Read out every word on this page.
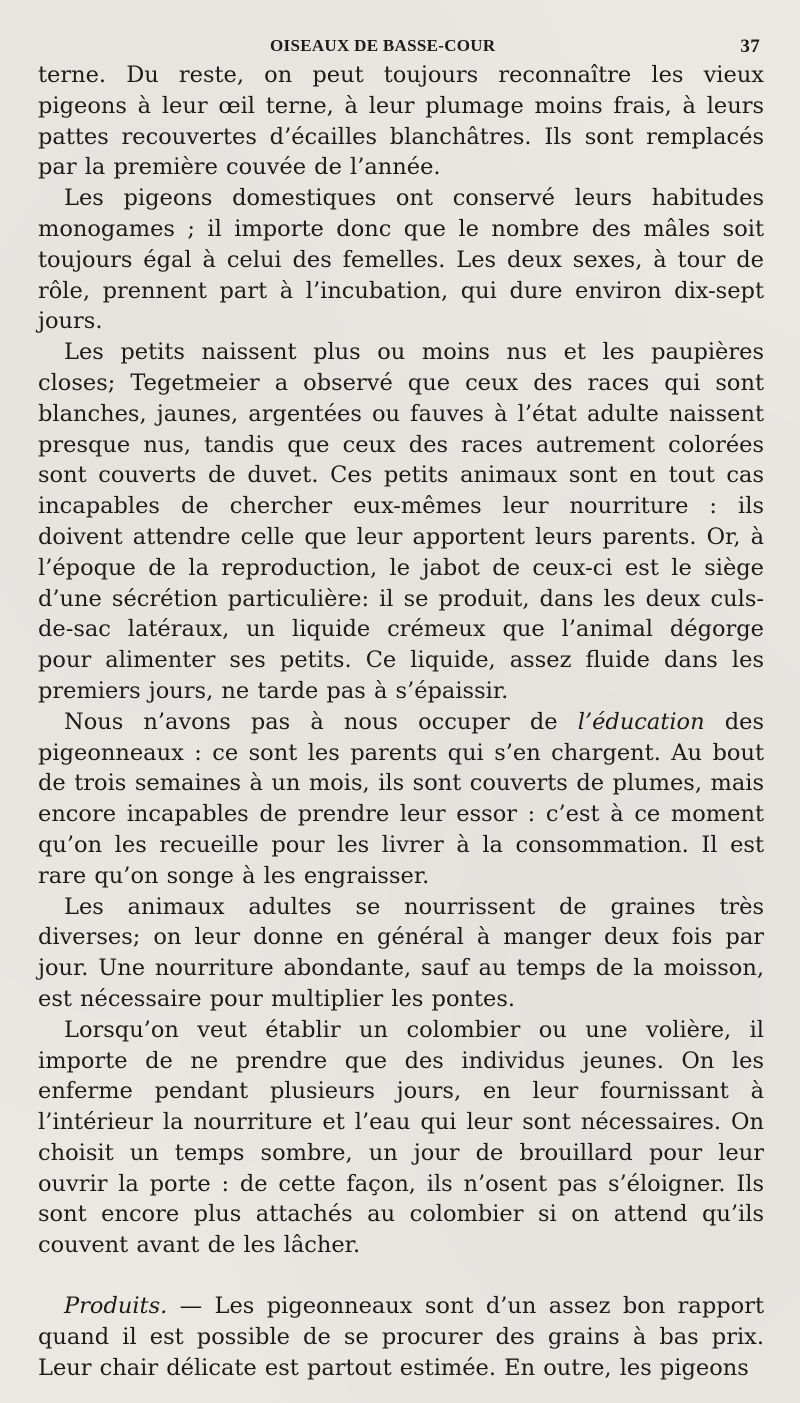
OISEAUX DE BASSE-COUR	37

terne. Du reste, on peut toujours reconnaître les vieux pigeons à leur œil terne, à leur plumage moins frais, à leurs pattes recouvertes d’écailles blanchâtres. Ils sont remplacés par la première couvée de l’année.

Les pigeons domestiques ont conservé leurs habitudes monogames ; il importe donc que le nombre des mâles soit toujours égal à celui des femelles. Les deux sexes, à tour de rôle, prennent part à l’incubation, qui dure environ dix-sept jours.

Les petits naissent plus ou moins nus et les paupières closes; Tegetmeier a observé que ceux des races qui sont blanches, jaunes, argentées ou fauves à l’état adulte naissent presque nus, tandis que ceux des races autrement colorées sont couverts de duvet. Ces petits animaux sont en tout cas incapables de chercher eux-mêmes leur nourriture : ils doivent attendre celle que leur apportent leurs parents. Or, à l’époque de la reproduction, le jabot de ceux-ci est le siège d’une sécrétion particulière: il se produit, dans les deux culs-de-sac latéraux, un liquide crémeux que l’animal dégorge pour alimenter ses petits. Ce liquide, assez fluide dans les premiers jours, ne tarde pas à s’épaissir.

Nous n’avons pas à nous occuper de l’éducation des pigeonneaux : ce sont les parents qui s’en chargent. Au bout de trois semaines à un mois, ils sont couverts de plumes, mais encore incapables de prendre leur essor : c’est à ce moment qu’on les recueille pour les livrer à la consommation. Il est rare qu’on songe à les engraisser.

Les animaux adultes se nourrissent de graines très diverses; on leur donne en général à manger deux fois par jour. Une nourriture abondante, sauf au temps de la moisson, est nécessaire pour multiplier les pontes.

Lorsqu’on veut établir un colombier ou une volière, il importe de ne prendre que des individus jeunes. On les enferme pendant plusieurs jours, en leur fournissant à l’intérieur la nourriture et l’eau qui leur sont nécessaires. On choisit un temps sombre, un jour de brouillard pour leur ouvrir la porte : de cette façon, ils n’osent pas s’éloigner. Ils sont encore plus attachés au colombier si on attend qu’ils couvent avant de les lâcher.

Produits. — Les pigeonneaux sont d’un assez bon rapport quand il est possible de se procurer des grains à bas prix. Leur chair délicate est partout estimée. En outre, les pigeons
